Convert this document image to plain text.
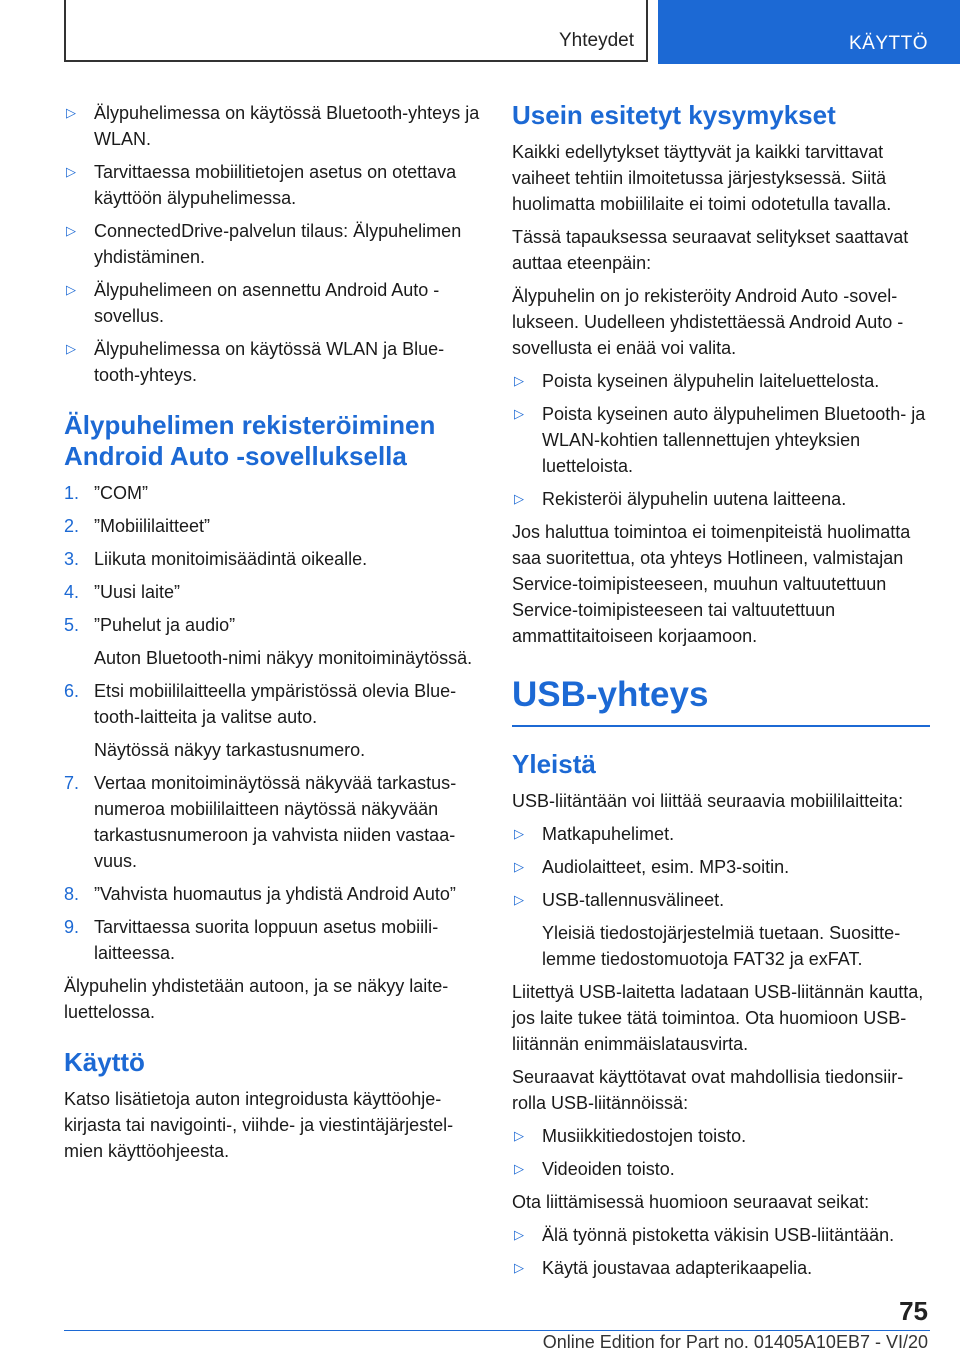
Yhteydet	KÄYTTÖ
▷ Älypuhelimessa on käytössä Bluetooth-yhteys ja WLAN.
▷ Tarvittaessa mobiilitietojen asetus on otettava käyttöön älypuhelimessa.
▷ ConnectedDrive-palvelun tilaus: Älypuhelimen yhdistäminen.
▷ Älypuhelimeen on asennettu Android Auto -sovellus.
▷ Älypuhelimessa on käytössä WLAN ja Bluetooth-yhteys.
Älypuhelimen rekisteröiminen Android Auto -sovelluksella
1. ”COM”
2. ”Mobiililaitteet”
3. Liikuta monitoimisäädintä oikealle.
4. ”Uusi laite”
5. ”Puhelut ja audio”
Auton Bluetooth-nimi näkyy monitoiminäytössä.
6. Etsi mobiililaitteella ympäristössä olevia Bluetooth-laitteita ja valitse auto.
Näytössä näkyy tarkastusnumero.
7. Vertaa monitoiminäytössä näkyvää tarkastusnumeroa mobiililaitteen näytössä näkyvään tarkastusnumeroon ja vahvista niiden vastaavuus.
8. ”Vahvista huomautus ja yhdistä Android Auto”
9. Tarvittaessa suorita loppuun asetus mobiililaitteessa.

Älypuhelin yhdistetään autoon, ja se näkyy laiteluettelossa.

Käyttö

Katso lisätietoja auton integroidusta käyttöohjekirjasta tai navigointi-, viihde- ja viestintäjärjestelmien käyttöohjeesta.

Usein esitetyt kysymykset

Kaikki edellytykset täyttyvät ja kaikki tarvittavat vaiheet tehtiin ilmoitetussa järjestyksessä. Siitä huolimatta mobiililaite ei toimi odotetulla tavalla.

Tässä tapauksessa seuraavat selitykset saattavat auttaa eteenpäin:

Älypuhelin on jo rekisteröity Android Auto -sovellukseen. Uudelleen yhdistettäessä Android Auto -sovellusta ei enää voi valita.

▷ Poista kyseinen älypuhelin laiteluettelosta.
▷ Poista kyseinen auto älypuhelimen Bluetooth- ja WLAN-kohtien tallennettujen yhteyksien luetteloista.
▷ Rekisteröi älypuhelin uutena laitteena.

Jos haluttua toimintoa ei toimenpiteistä huolimatta saa suoritettua, ota yhteys Hotlineen, valmistajan Service-toimipisteeseen, muuhun valtuutettuun Service-toimipisteeseen tai valtuutettuun ammattitaitoiseen korjaamoon.

USB-yhteys
Yleistä

USB-liitäntään voi liittää seuraavia mobiililaitteita:

▷ Matkapuhelimet.
▷ Audiolaitteet, esim. MP3-soitin.
▷ USB-tallennusvälineet.
Yleisiä tiedostojärjestelmiä tuetaan. Suosittelemme tiedostomuotoja FAT32 ja exFAT.

Liitettyä USB-laitetta ladataan USB-liitännän kautta, jos laite tukee tätä toimintoa. Ota huomioon USB-liitännän enimmäislatausvirta.

Seuraavat käyttötavat ovat mahdollisia tiedonsiirrolla USB-liitännöissä:

▷ Musiikkitiedostojen toisto.
▷ Videoiden toisto.

Ota liittämisessä huomioon seuraavat seikat:

▷ Älä työnnä pistoketta väkisin USB-liitäntään.
▷ Käytä joustavaa adapterikaapelia.
75
Online Edition for Part no. 01405A10EB7 - VI/20
